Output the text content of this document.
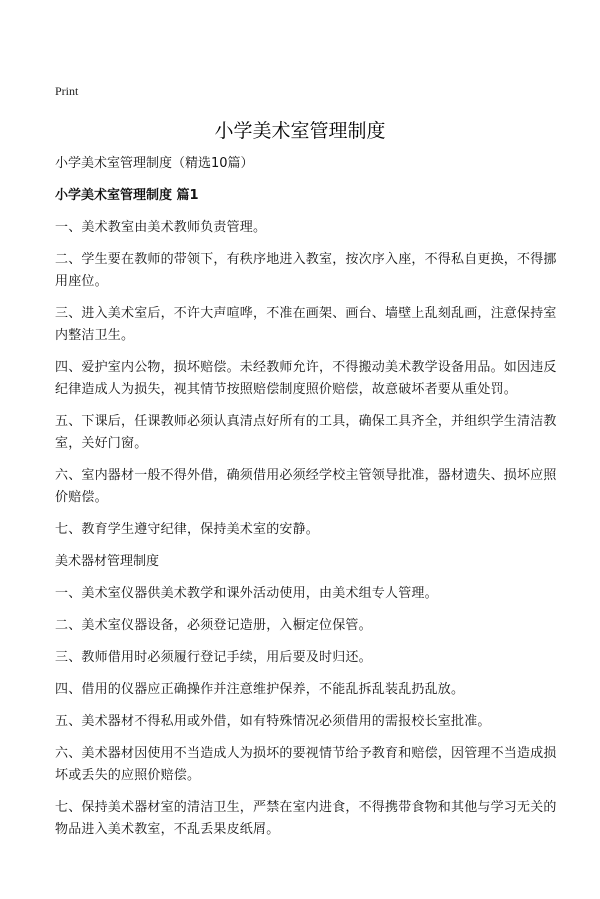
Print
小学美术室管理制度
小学美术室管理制度（精选10篇）
小学美术室管理制度 篇1
一、美术教室由美术教师负责管理。
二、学生要在教师的带领下，有秩序地进入教室，按次序入座，不得私自更换，不得挪用座位。
三、进入美术室后，不许大声喧哗，不准在画架、画台、墙壁上乱刻乱画，注意保持室内整洁卫生。
四、爱护室内公物，损坏赔偿。未经教师允许，不得搬动美术教学设备用品。如因违反纪律造成人为损失，视其情节按照赔偿制度照价赔偿，故意破坏者要从重处罚。
五、下课后，任课教师必须认真清点好所有的工具，确保工具齐全，并组织学生清洁教室，关好门窗。
六、室内器材一般不得外借，确须借用必须经学校主管领导批准，器材遗失、损坏应照价赔偿。
七、教育学生遵守纪律，保持美术室的安静。
美术器材管理制度
一、美术室仪器供美术教学和课外活动使用，由美术组专人管理。
二、美术室仪器设备，必须登记造册，入橱定位保管。
三、教师借用时必须履行登记手续，用后要及时归还。
四、借用的仪器应正确操作并注意维护保养，不能乱拆乱装乱扔乱放。
五、美术器材不得私用或外借，如有特殊情况必须借用的需报校长室批准。
六、美术器材因使用不当造成人为损坏的要视情节给予教育和赔偿，因管理不当造成损坏或丢失的应照价赔偿。
七、保持美术器材室的清洁卫生，严禁在室内进食，不得携带食物和其他与学习无关的物品进入美术教室，不乱丢果皮纸屑。
